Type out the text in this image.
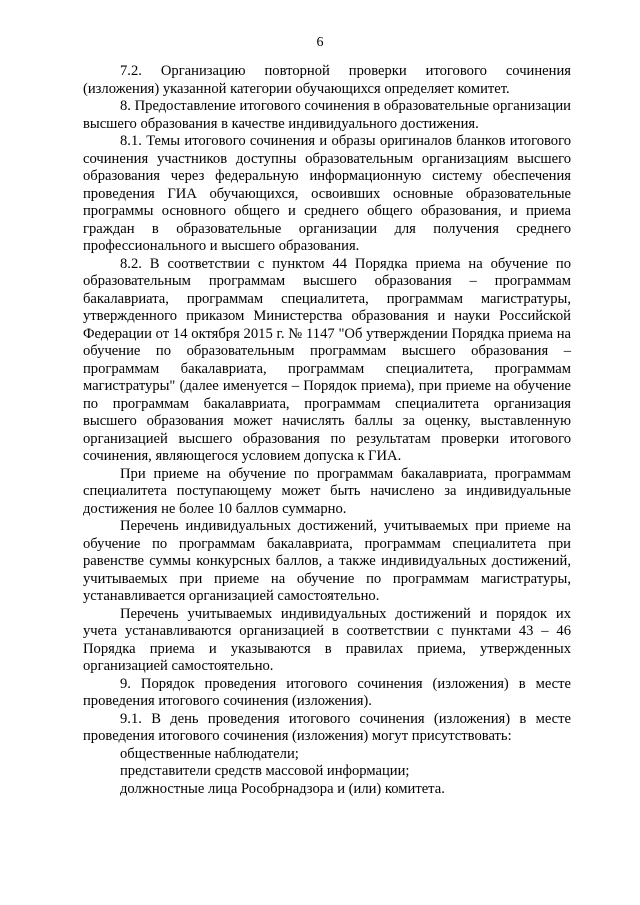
6

7.2. Организацию повторной проверки итогового сочинения (изложения) указанной категории обучающихся определяет комитет.

8. Предоставление итогового сочинения в образовательные организации высшего образования в качестве индивидуального достижения.

8.1. Темы итогового сочинения и образы оригиналов бланков итогового сочинения участников доступны образовательным организациям высшего образования через федеральную информационную систему обеспечения проведения ГИА обучающихся, освоивших основные образовательные программы основного общего и среднего общего образования, и приема граждан в образовательные организации для получения среднего профессионального и высшего образования.

8.2. В соответствии с пунктом 44 Порядка приема на обучение по образовательным программам высшего образования – программам бакалавриата, программам специалитета, программам магистратуры, утвержденного приказом Министерства образования и науки Российской Федерации от 14 октября 2015 г. № 1147 "Об утверждении Порядка приема на обучение по образовательным программам высшего образования – программам бакалавриата, программам специалитета, программам магистратуры" (далее именуется – Порядок приема), при приеме на обучение по программам бакалавриата, программам специалитета организация высшего образования может начислять баллы за оценку, выставленную организацией высшего образования по результатам проверки итогового сочинения, являющегося условием допуска к ГИА.

При приеме на обучение по программам бакалавриата, программам специалитета поступающему может быть начислено за индивидуальные достижения не более 10 баллов суммарно.

Перечень индивидуальных достижений, учитываемых при приеме на обучение по программам бакалавриата, программам специалитета при равенстве суммы конкурсных баллов, а также индивидуальных достижений, учитываемых при приеме на обучение по программам магистратуры, устанавливается организацией самостоятельно.

Перечень учитываемых индивидуальных достижений и порядок их учета устанавливаются организацией в соответствии с пунктами 43 – 46 Порядка приема и указываются в правилах приема, утвержденных организацией самостоятельно.

9. Порядок проведения итогового сочинения (изложения) в месте проведения итогового сочинения (изложения).

9.1. В день проведения итогового сочинения (изложения) в месте проведения итогового сочинения (изложения) могут присутствовать:

общественные наблюдатели;

представители средств массовой информации;

должностные лица Рособрнадзора и (или) комитета.
